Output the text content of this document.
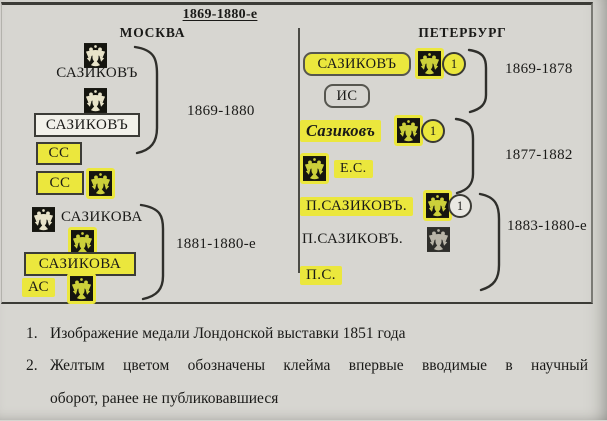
1869-1880-е
МОСКВА	ПЕТЕРБУРГ
САЗИКОВЪ
САЗИКОВЪ
СС
СС
1869-1880
САЗИКОВА
САЗИКОВА
АС
1881-1880-е
САЗИКОВЪ	1
ИС
1869-1878
Сазиковъ	1
Е.С.
1877-1882
П.САЗИКОВЪ.	1
П.САЗИКОВЪ.
П.С.
1883-1880-е
1. Изображение медали Лондонской выставки 1851 года
2. Желтым цветом обозначены клейма впервые вводимые в научный
оборот, ранее не публиковавшиеся
